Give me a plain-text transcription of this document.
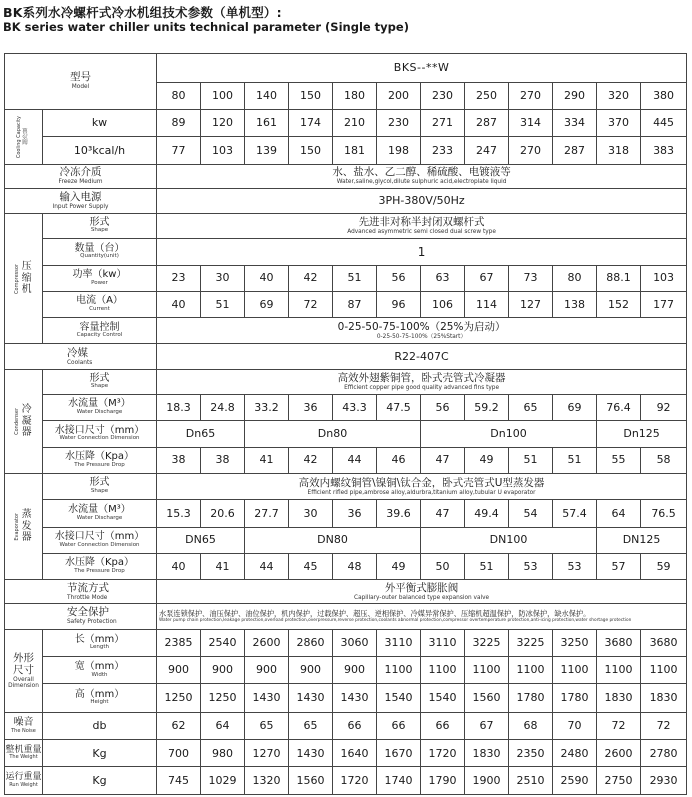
BK系列水冷螺杆式冷水机组技术参数（单机型）:
BK series water chiller units technical parameter (Single type)
型号
Model		BKS--**W											
		80	100	140	150	180	200	230	250	270	290	320	380

Cooling Capacity 制冷量	kw	89	120	161	174	210	230	271	287	314	334	370	445
	10³kcal/h	77	103	139	150	181	198	233	247	270	287	318	383

冷冻介质
Freeze Medium		水、盐水、乙二醇、稀硫酸、电镀液等
Water,saline,glycol,dilute sulphuric acid,electroplate liquid											

输入电源
Input Power Supply		3PH-380V/50Hz											

Compressor 压缩机	形式
Shape	先进非对称半封闭双螺杆式
Advanced asymmetric semi closed dual screw type											

	数量（台）
Quantity(unit)	1											

	功率（kw）
Power	23	30	40	42	51	56	63	67	73	80	88.1	103

	电流（A）
Current	40	51	69	72	87	96	106	114	127	138	152	177

	容量控制
Capacity Control	0-25-50-75-100%（25%为启动）
0-25-50-75-100%（25%Start）											

冷媒
Coolants		R22-407C											

Condenser 冷凝器	形式
Shape	高效外翅紫铜管，卧式壳管式冷凝器
Efficient copper pipe good quality advanced fins type											

	水流量（M³）
Water Discharge	18.3	24.8	33.2	36	43.3	47.5	56	59.2	65	69	76.4	92

	水接口尺寸（mm）
Water Connection Dimension	Dn65		Dn80				Dn100				Dn125	

	水压降（Kpa）
The Pressure Drop	38	38	41	42	44	46	47	49	51	51	55	58

Evaporator 蒸发器	形式
Shape	高效内螺纹铜管\镍铜\钛合金，卧式壳管式U型蒸发器
Efficient rifled pipe,ambrose alloy,aldurbra,titanium alloy,tubular U evaporator											

	水流量（M³）
Water Discharge	15.3	20.6	27.7	30	36	39.6	47	49.4	54	57.4	64	76.5

	水接口尺寸（mm）
Water Connection Dimension	DN65		DN80				DN100				DN125	

	水压降（Kpa）
The Pressure Drop	40	41	44	45	48	49	50	51	53	53	57	59

节流方式
Throttle Mode		外平衡式膨胀阀
Capillary-outer balanced type expansion valve											

安全保护
Safety Protection		水泵连锁保护、油压保护、油位保护，机内保护，过载保护、超压、逆相保护、冷媒异常保护、压缩机超温保护，防冰保护，缺水保护。
Water pump chain protection,leakage protection,overload protection,overpressure,reverse protection,coolants abnormal protection,compressor overtemperature protection,anti-icing protection,water shortage protection											

外形尺寸
Overall Dimension	长（mm）
Length	2385	2540	2600	2860	3060	3110	3110	3225	3225	3250	3680	3680

	宽（mm）
Width	900	900	900	900	900	1100	1100	1100	1100	1100	1100	1100

	高（mm）
Height	1250	1250	1430	1430	1430	1540	1540	1560	1780	1780	1830	1830

噪音
The Noise	db	62	64	65	65	66	66	66	67	68	70	72	72

整机重量
The Weight	Kg	700	980	1270	1430	1640	1670	1720	1830	2350	2480	2600	2780

运行重量
Run Weight	Kg	745	1029	1320	1560	1720	1740	1790	1900	2510	2590	2750	2930
